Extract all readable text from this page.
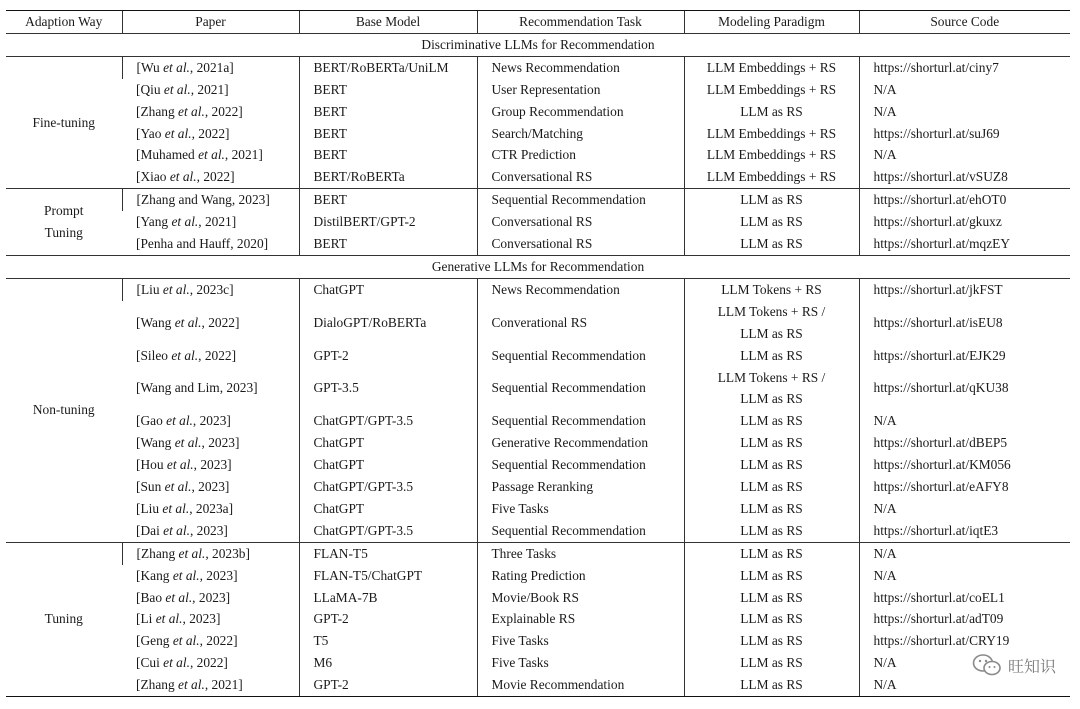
Adaption Way	Paper	Base Model	Recommendation Task	Modeling Paradigm	Source Code
Discriminative LLMs for Recommendation					
Fine-tuning	[Wu et al., 2021a]	BERT/RoBERTa/UniLM	News Recommendation	LLM Embeddings + RS	https://shorturl.at/ciny7
	[Qiu et al., 2021]	BERT	User Representation	LLM Embeddings + RS	N/A
	[Zhang et al., 2022]	BERT	Group Recommendation	LLM as RS	N/A
	[Yao et al., 2022]	BERT	Search/Matching	LLM Embeddings + RS	https://shorturl.at/suJ69
	[Muhamed et al., 2021]	BERT	CTR Prediction	LLM Embeddings + RS	N/A
	[Xiao et al., 2022]	BERT/RoBERTa	Conversational RS	LLM Embeddings + RS	https://shorturl.at/vSUZ8
Prompt Tuning	[Zhang and Wang, 2023]	BERT	Sequential Recommendation	LLM as RS	https://shorturl.at/ehOT0
	[Yang et al., 2021]	DistilBERT/GPT-2	Conversational RS	LLM as RS	https://shorturl.at/gkuxz
	[Penha and Hauff, 2020]	BERT	Conversational RS	LLM as RS	https://shorturl.at/mqzEY
Generative LLMs for Recommendation					
Non-tuning	[Liu et al., 2023c]	ChatGPT	News Recommendation	LLM Tokens + RS	https://shorturl.at/jkFST
	[Wang et al., 2022]	DialoGPT/RoBERTa	Converational RS	LLM Tokens + RS / LLM as RS	https://shorturl.at/isEU8
	[Sileo et al., 2022]	GPT-2	Sequential Recommendation	LLM as RS	https://shorturl.at/EJK29
	[Wang and Lim, 2023]	GPT-3.5	Sequential Recommendation	LLM Tokens + RS / LLM as RS	https://shorturl.at/qKU38
	[Gao et al., 2023]	ChatGPT/GPT-3.5	Sequential Recommendation	LLM as RS	N/A
	[Wang et al., 2023]	ChatGPT	Generative Recommendation	LLM as RS	https://shorturl.at/dBEP5
	[Hou et al., 2023]	ChatGPT	Sequential Recommendation	LLM as RS	https://shorturl.at/KM056
	[Sun et al., 2023]	ChatGPT/GPT-3.5	Passage Reranking	LLM as RS	https://shorturl.at/eAFY8
	[Liu et al., 2023a]	ChatGPT	Five Tasks	LLM as RS	N/A
	[Dai et al., 2023]	ChatGPT/GPT-3.5	Sequential Recommendation	LLM as RS	https://shorturl.at/iqtE3
Tuning	[Zhang et al., 2023b]	FLAN-T5	Three Tasks	LLM as RS	N/A
	[Kang et al., 2023]	FLAN-T5/ChatGPT	Rating Prediction	LLM as RS	N/A
	[Bao et al., 2023]	LLaMA-7B	Movie/Book RS	LLM as RS	https://shorturl.at/coEL1
	[Li et al., 2023]	GPT-2	Explainable RS	LLM as RS	https://shorturl.at/adT09
	[Geng et al., 2022]	T5	Five Tasks	LLM as RS	https://shorturl.at/CRY19
	[Cui et al., 2022]	M6	Five Tasks	LLM as RS	N/A
	[Zhang et al., 2021]	GPT-2	Movie Recommendation	LLM as RS	N/A
旺知识
